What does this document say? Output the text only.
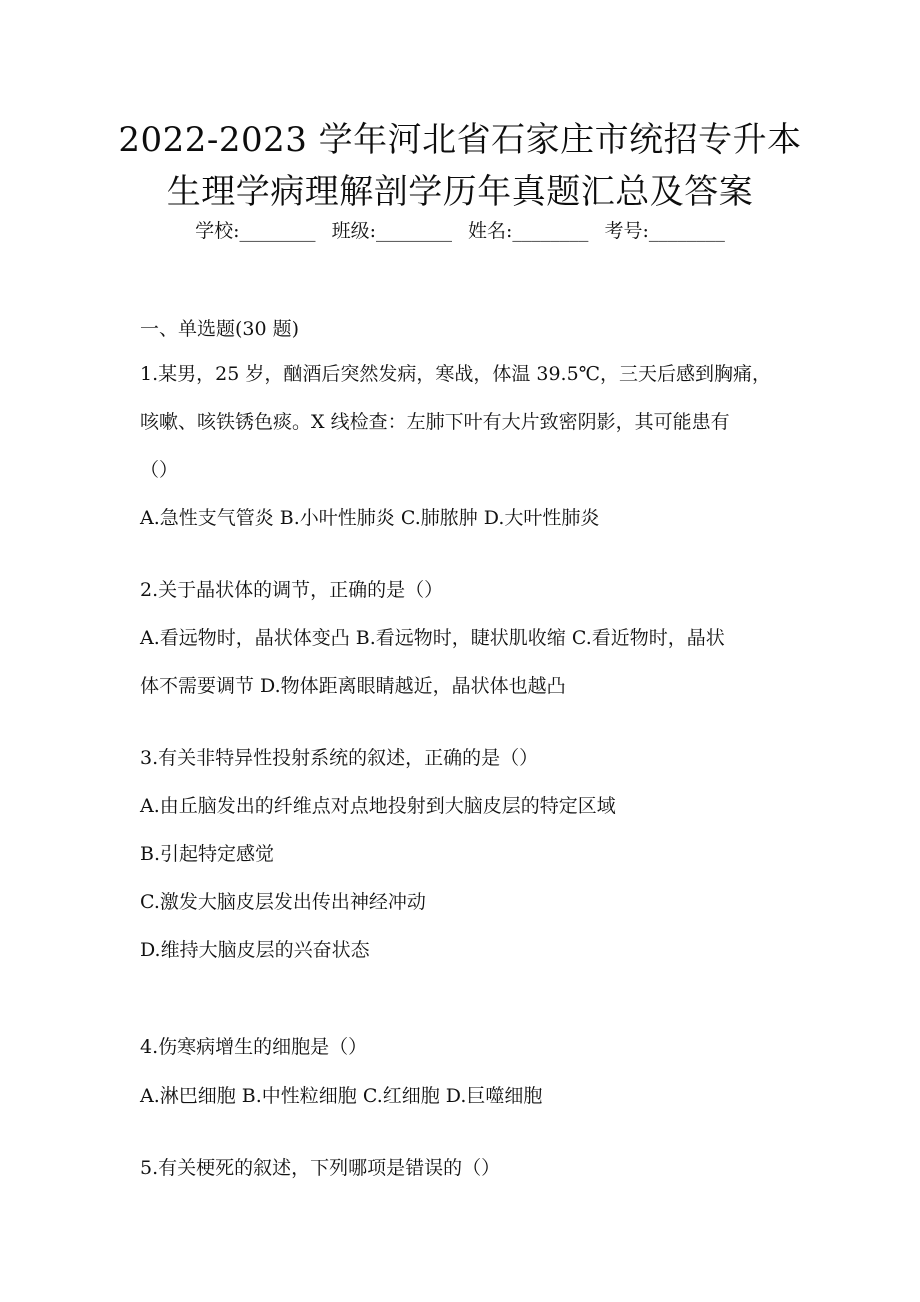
2022-2023 学年河北省石家庄市统招专升本
生理学病理解剖学历年真题汇总及答案
学校:________ 班级:________ 姓名:________ 考号:________
一、单选题(30 题)
1.某男，25 岁，酗酒后突然发病，寒战，体温 39.5℃，三天后感到胸痛，
咳嗽、咳铁锈色痰。X 线检查：左肺下叶有大片致密阴影，其可能患有
（）
A.急性支气管炎 B.小叶性肺炎 C.肺脓肿 D.大叶性肺炎
2.关于晶状体的调节，正确的是（）
A.看远物时，晶状体变凸 B.看远物时，睫状肌收缩 C.看近物时，晶状
体不需要调节 D.物体距离眼睛越近，晶状体也越凸
3.有关非特异性投射系统的叙述，正确的是（）
A.由丘脑发出的纤维点对点地投射到大脑皮层的特定区域
B.引起特定感觉
C.激发大脑皮层发出传出神经冲动
D.维持大脑皮层的兴奋状态
4.伤寒病增生的细胞是（）
A.淋巴细胞 B.中性粒细胞 C.红细胞 D.巨噬细胞
5.有关梗死的叙述，下列哪项是错误的（）
